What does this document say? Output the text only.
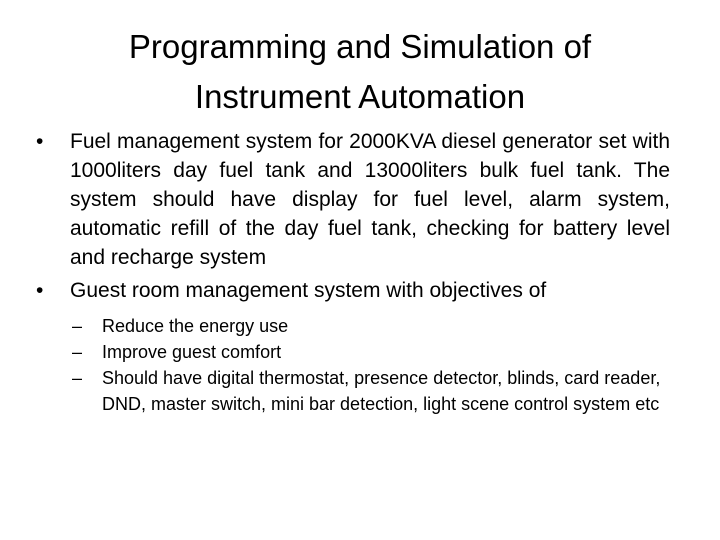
Programming and Simulation of
Instrument Automation
•	Fuel management system for 2000KVA diesel generator set with 1000liters day fuel tank and 13000liters bulk fuel tank. The system should have display for fuel level, alarm system, automatic refill of the day fuel tank, checking for battery level and recharge system
•	Guest room management system with objectives of
–	Reduce the energy use
–	Improve guest comfort
–	Should have digital thermostat, presence detector, blinds, card reader, DND, master switch, mini bar detection, light scene control system etc
